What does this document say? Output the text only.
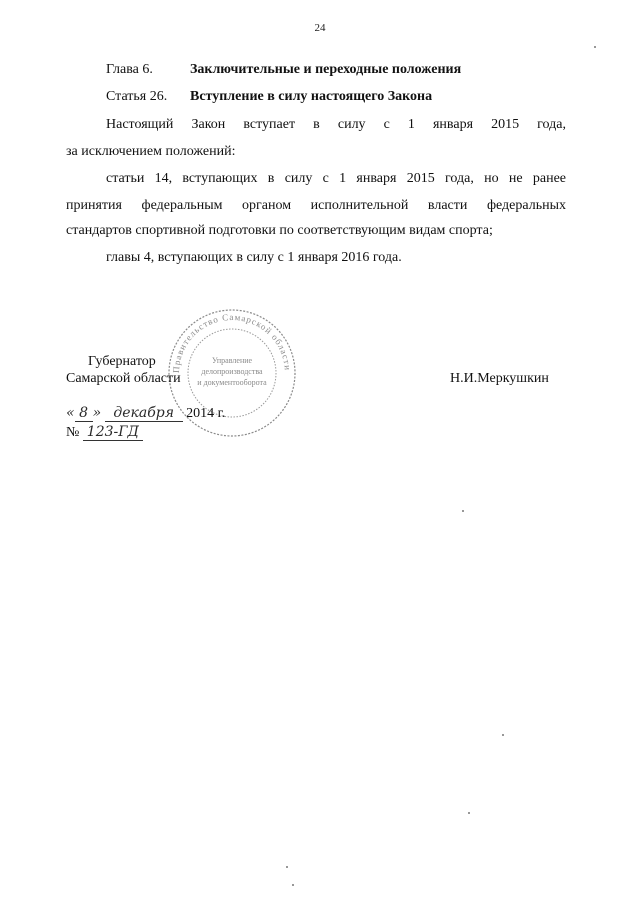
24
Глава 6.	Заключительные и переходные положения
Статья 26. Вступление в силу настоящего Закона
Настоящий Закон вступает в силу с 1 января 2015 года,
за исключением положений:
статьи 14, вступающих в силу с 1 января 2015 года, но не ранее
принятия федеральным органом исполнительной власти федеральных
стандартов спортивной подготовки по соответствующим видам спорта;
главы 4, вступающих в силу с 1 января 2016 года.
Правительство Самарской области
Управление
делопроизводства
и документооборота
Губернатор
Самарской области	Н.И.Меркушкин
« 8 » декабря 2014 г.
№ 123-ГД
